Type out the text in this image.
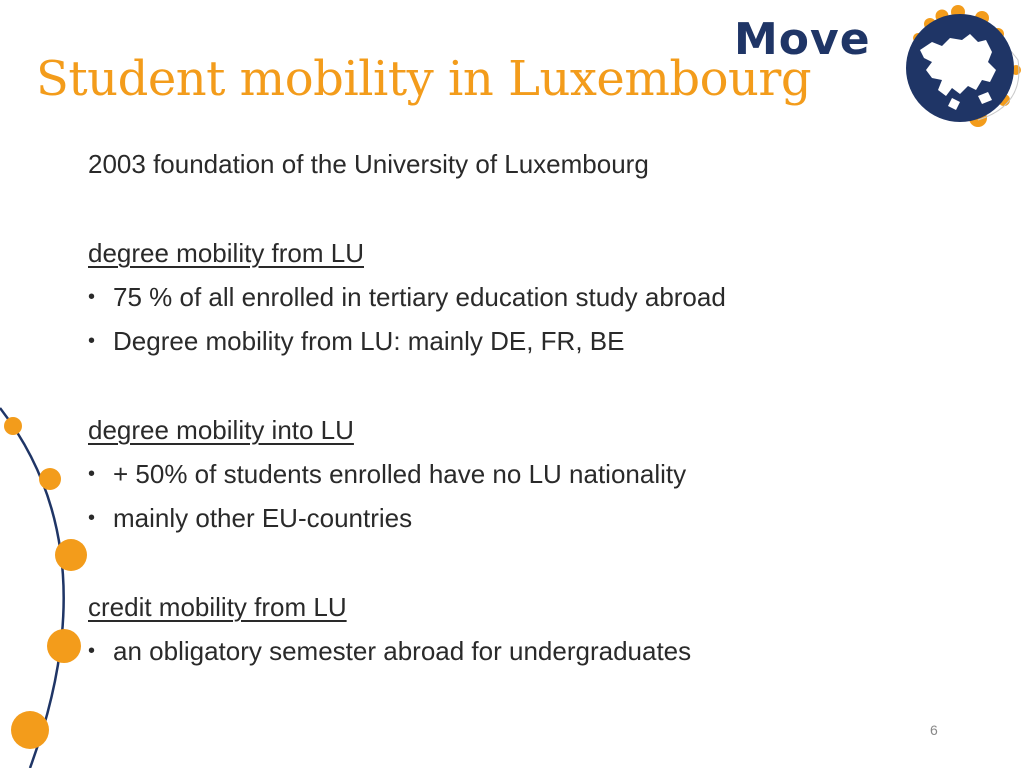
Move
Student mobility in Luxembourg
2003 foundation of the University of Luxembourg
degree mobility from LU
• 75 % of all enrolled in tertiary education study abroad
• Degree mobility from LU: mainly DE, FR, BE
degree mobility into LU
• + 50% of students enrolled have no LU nationality
• mainly other EU-countries
credit mobility from LU
• an obligatory semester abroad for undergraduates
6
